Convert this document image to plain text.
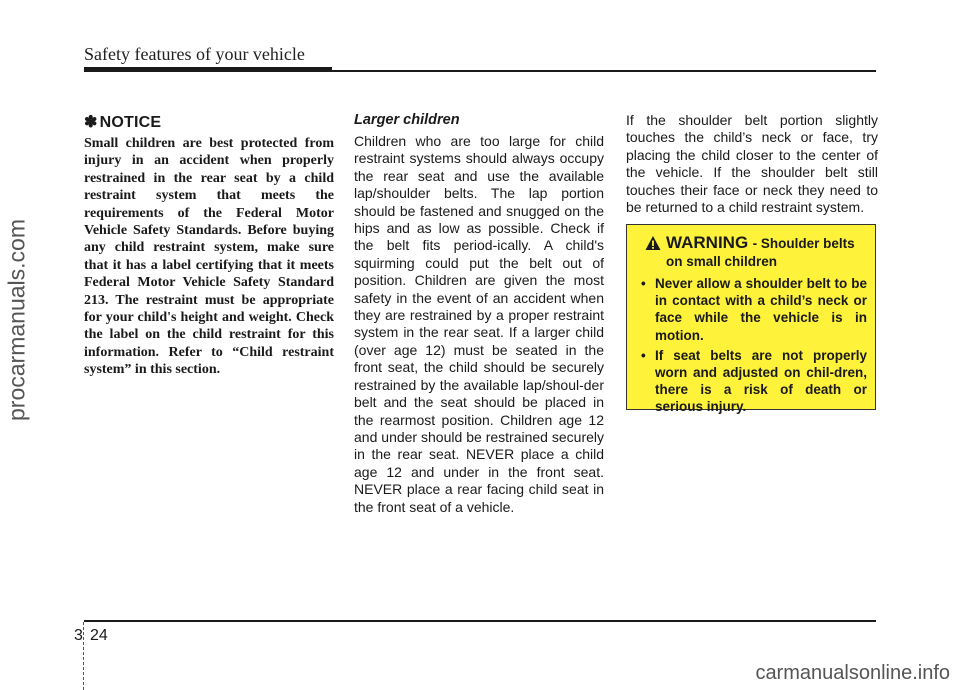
procarmanuals.com
Safety features of your vehicle
✽ NOTICE

Small children are best protected from injury in an accident when properly restrained in the rear seat by a child restraint system that meets the requirements of the Federal Motor Vehicle Safety Standards. Before buying any child restraint system, make sure that it has a label certifying that it meets Federal Motor Vehicle Safety Standard 213. The restraint must be appropriate for your child's height and weight. Check the label on the child restraint for this information. Refer to “Child restraint system” in this section.

Larger children

Children who are too large for child restraint systems should always occupy the rear seat and use the available lap/shoulder belts. The lap portion should be fastened and snugged on the hips and as low as possible. Check if the belt fits period-ically. A child's squirming could put the belt out of position. Children are given the most safety in the event of an accident when they are restrained by a proper restraint system in the rear seat. If a larger child (over age 12) must be seated in the front seat, the child should be securely restrained by the available lap/shoul-der belt and the seat should be placed in the rearmost position. Children age 12 and under should be restrained securely in the rear seat. NEVER place a child age 12 and under in the front seat. NEVER place a rear facing child seat in the front seat of a vehicle.

If the shoulder belt portion slightly touches the child’s neck or face, try placing the child closer to the center of the vehicle. If the shoulder belt still touches their face or neck they need to be returned to a child restraint system.

WARNING - Shoulder belts on small children
• Never allow a shoulder belt to be in contact with a child’s neck or face while the vehicle is in motion.
• If seat belts are not properly worn and adjusted on chil-dren, there is a risk of death or serious injury.
3 24
carmanualsonline.info
